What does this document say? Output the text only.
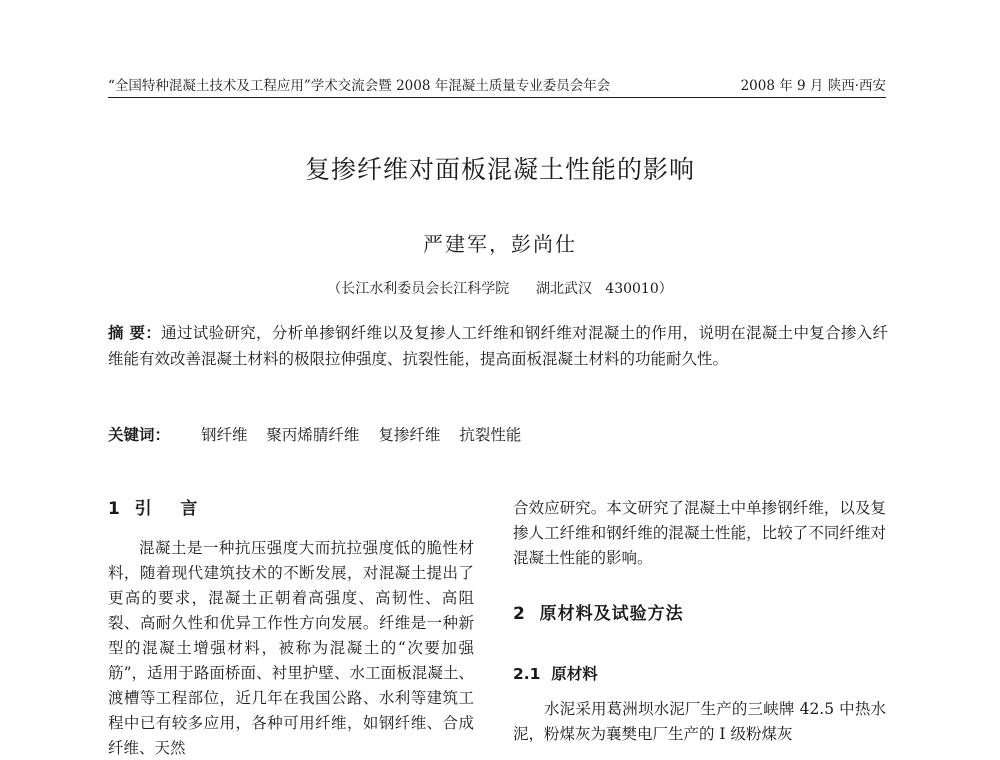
“全国特种混凝土技术及工程应用”学术交流会暨 2008 年混凝土质量专业委员会年会	2008 年 9 月 陕西·西安
复掺纤维对面板混凝土性能的影响
严建军，彭尚仕
（长江水利委员会长江科学院      湖北武汉   430010）
摘 要：通过试验研究，分析单掺钢纤维以及复掺人工纤维和钢纤维对混凝土的作用，说明在混凝土中复合掺入纤维能有效改善混凝土材料的极限拉伸强度、抗裂性能，提高面板混凝土材料的功能耐久性。
关键词： 钢纤维 聚丙烯腈纤维 复掺纤维 抗裂性能
1  引    言

混凝土是一种抗压强度大而抗拉强度低的脆性材料，随着现代建筑技术的不断发展，对混凝土提出了更高的要求，混凝土正朝着高强度、高韧性、高阻裂、高耐久性和优异工作性方向发展。纤维是一种新型的混凝土增强材料，被称为混凝土的“次要加强筋”，适用于路面桥面、衬里护壁、水工面板混凝土、渡槽等工程部位，近几年在我国公路、水利等建筑工程中已有较多应用，各种可用纤维，如钢纤维、合成纤维、天然

合效应研究。本文研究了混凝土中单掺钢纤维，以及复掺人工纤维和钢纤维的混凝土性能，比较了不同纤维对混凝土性能的影响。

2  原材料及试验方法
2.1  原材料

水泥采用葛洲坝水泥厂生产的三峡牌 42.5 中热水泥，粉煤灰为襄樊电厂生产的 I 级粉煤灰
